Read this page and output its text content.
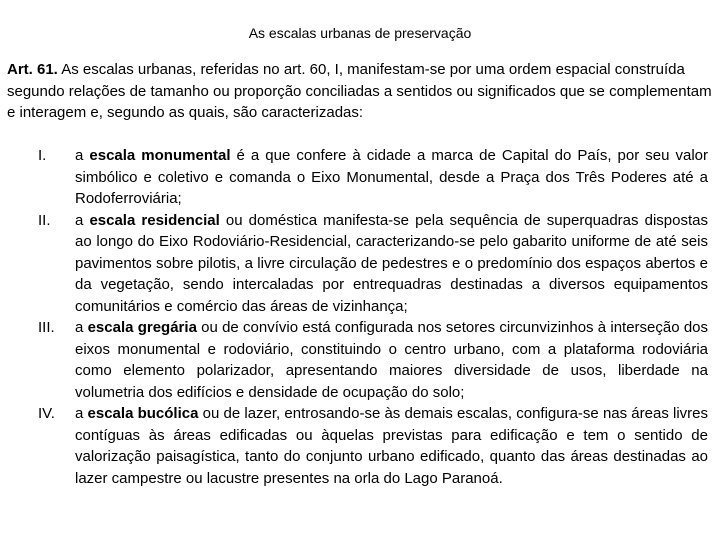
As escalas urbanas de preservação

Art. 61. As escalas urbanas, referidas no art. 60, I, manifestam-se por uma ordem espacial construída segundo relações de tamanho ou proporção conciliadas a sentidos ou significados que se complementam e interagem e, segundo as quais, são caracterizadas:

I. a escala monumental é a que confere à cidade a marca de Capital do País, por seu valor simbólico e coletivo e comanda o Eixo Monumental, desde a Praça dos Três Poderes até a Rodoferroviária;
II. a escala residencial ou doméstica manifesta-se pela sequência de superquadras dispostas ao longo do Eixo Rodoviário-Residencial, caracterizando-se pelo gabarito uniforme de até seis pavimentos sobre pilotis, a livre circulação de pedestres e o predomínio dos espaços abertos e da vegetação, sendo intercaladas por entrequadras destinadas a diversos equipamentos comunitários e comércio das áreas de vizinhança;
III. a escala gregária ou de convívio está configurada nos setores circunvizinhos à interseção dos eixos monumental e rodoviário, constituindo o centro urbano, com a plataforma rodoviária como elemento polarizador, apresentando maiores diversidade de usos, liberdade na volumetria dos edifícios e densidade de ocupação do solo;
IV. a escala bucólica ou de lazer, entrosando-se às demais escalas, configura-se nas áreas livres contíguas às áreas edificadas ou àquelas previstas para edificação e tem o sentido de valorização paisagística, tanto do conjunto urbano edificado, quanto das áreas destinadas ao lazer campestre ou lacustre presentes na orla do Lago Paranoá.
